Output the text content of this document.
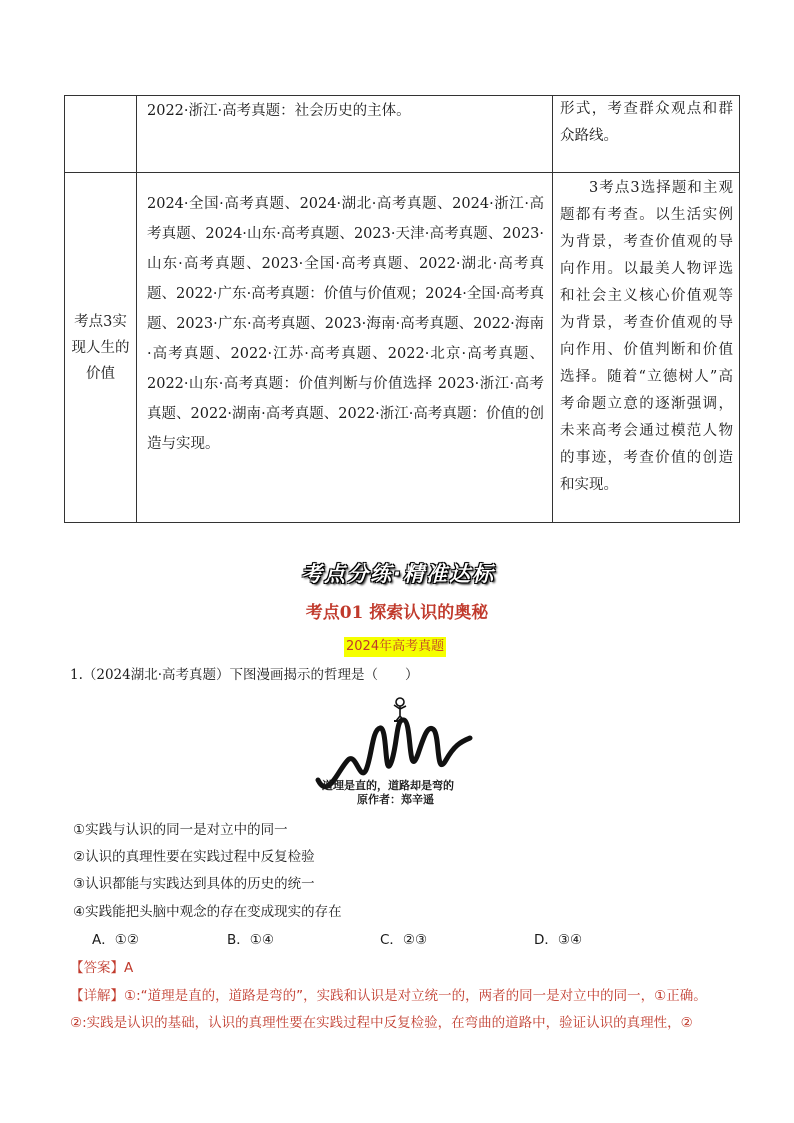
	2022·浙江·高考真题：社会历史的主体。	形式，考查群众观点和群众路线。
考点3实现人生的价值	2024·全国·高考真题、2024·湖北·高考真题、2024·浙江·高考真题、2024·山东·高考真题、2023·天津·高考真题、2023·山东·高考真题、2023·全国·高考真题、2022·湖北·高考真题、2022·广东·高考真题：价值与价值观；2024·全国·高考真题、2023·广东·高考真题、2023·海南·高考真题、2022·海南·高考真题、2022·江苏·高考真题、2022·北京·高考真题、2022·山东·高考真题：价值判断与价值选择 2023·浙江·高考真题、2022·湖南·高考真题、2022·浙江·高考真题：价值的创造与实现。	3考点3选择题和主观题都有考查。以生活实例为背景，考查价值观的导向作用。以最美人物评选和社会主义核心价值观等为背景，考查价值观的导向作用、价值判断和价值选择。随着“立德树人”高考命题立意的逐渐强调，未来高考会通过模范人物的事迹，考查价值的创造和实现。
考点分练·精准达标
考点01 探索认识的奥秘
2024年高考真题
1.（2024湖北·高考真题）下图漫画揭示的哲理是（　　）
道理是直的，道路却是弯的
原作者：郑辛遥
①实践与认识的同一是对立中的同一
②认识的真理性要在实践过程中反复检验
③认识都能与实践达到具体的历史的统一
④实践能把头脑中观念的存在变成现实的存在
A．①②	B．①④	C．②③	D．③④
【答案】A
【详解】①:“道理是直的，道路是弯的”，实践和认识是对立统一的，两者的同一是对立中的同一，①正确。
②:实践是认识的基础，认识的真理性要在实践过程中反复检验，在弯曲的道路中，验证认识的真理性，②
